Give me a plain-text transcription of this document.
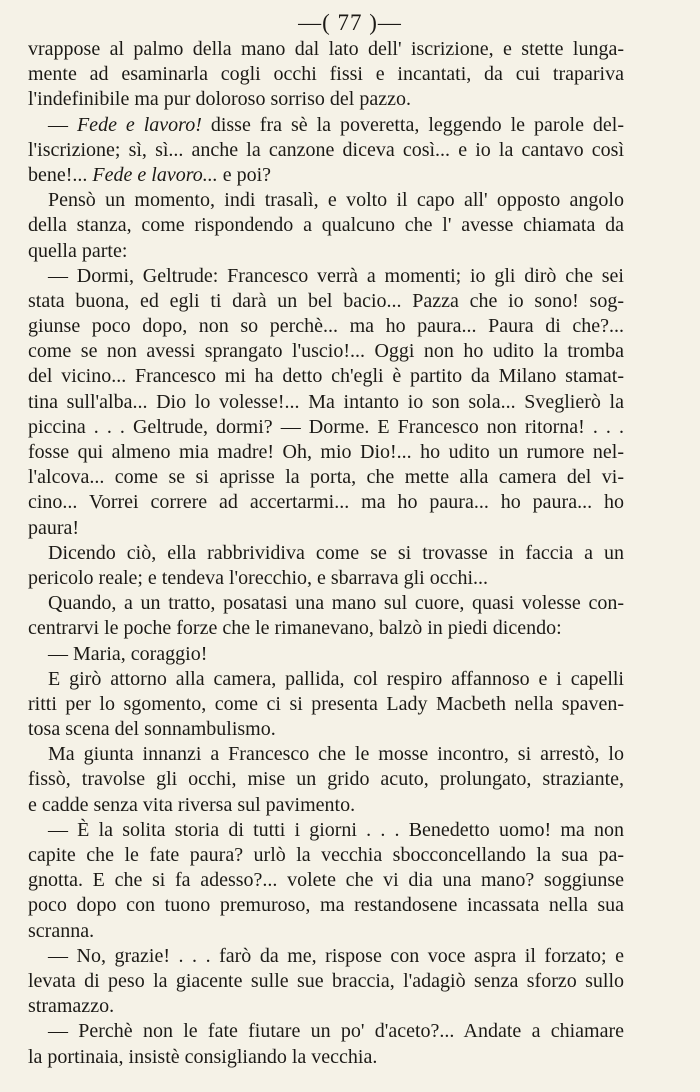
—( 77 )—
vrappose al palmo della mano dal lato dell' iscrizione, e stette lunga-
mente ad esaminarla cogli occhi fissi e incantati, da cui trapariva
l'indefinibile ma pur doloroso sorriso del pazzo.
— Fede e lavoro! disse fra sè la poveretta, leggendo le parole del-
l'iscrizione; sì, sì... anche la canzone diceva così... e io la cantavo così
bene!... Fede e lavoro... e poi?
Pensò un momento, indi trasalì, e volto il capo all' opposto angolo
della stanza, come rispondendo a qualcuno che l' avesse chiamata da
quella parte:
— Dormi, Geltrude: Francesco verrà a momenti; io gli dirò che sei
stata buona, ed egli ti darà un bel bacio... Pazza che io sono! sog-
giunse poco dopo, non so perchè... ma ho paura... Paura di che?...
come se non avessi sprangato l'uscio!... Oggi non ho udito la tromba
del vicino... Francesco mi ha detto ch'egli è partito da Milano stamat-
tina sull'alba... Dio lo volesse!... Ma intanto io son sola... Sveglierò la
piccina . . . Geltrude, dormi? — Dorme. E Francesco non ritorna! . . .
fosse qui almeno mia madre! Oh, mio Dio!... ho udito un rumore nel-
l'alcova... come se si aprisse la porta, che mette alla camera del vi-
cino... Vorrei correre ad accertarmi... ma ho paura... ho paura... ho
paura!
Dicendo ciò, ella rabbrividiva come se si trovasse in faccia a un
pericolo reale; e tendeva l'orecchio, e sbarrava gli occhi...
Quando, a un tratto, posatasi una mano sul cuore, quasi volesse con-
centrarvi le poche forze che le rimanevano, balzò in piedi dicendo:
— Maria, coraggio!
E girò attorno alla camera, pallida, col respiro affannoso e i capelli
ritti per lo sgomento, come ci si presenta Lady Macbeth nella spaven-
tosa scena del sonnambulismo.
Ma giunta innanzi a Francesco che le mosse incontro, si arrestò, lo
fissò, travolse gli occhi, mise un grido acuto, prolungato, straziante,
e cadde senza vita riversa sul pavimento.
— È la solita storia di tutti i giorni . . . Benedetto uomo! ma non
capite che le fate paura? urlò la vecchia sbocconcellando la sua pa-
gnotta. E che si fa adesso?... volete che vi dia una mano? soggiunse
poco dopo con tuono premuroso, ma restandosene incassata nella sua
scranna.
— No, grazie! . . . farò da me, rispose con voce aspra il forzato; e
levata di peso la giacente sulle sue braccia, l'adagiò senza sforzo sullo
stramazzo.
— Perchè non le fate fiutare un po' d'aceto?... Andate a chiamare
la portinaia, insistè consigliando la vecchia.
